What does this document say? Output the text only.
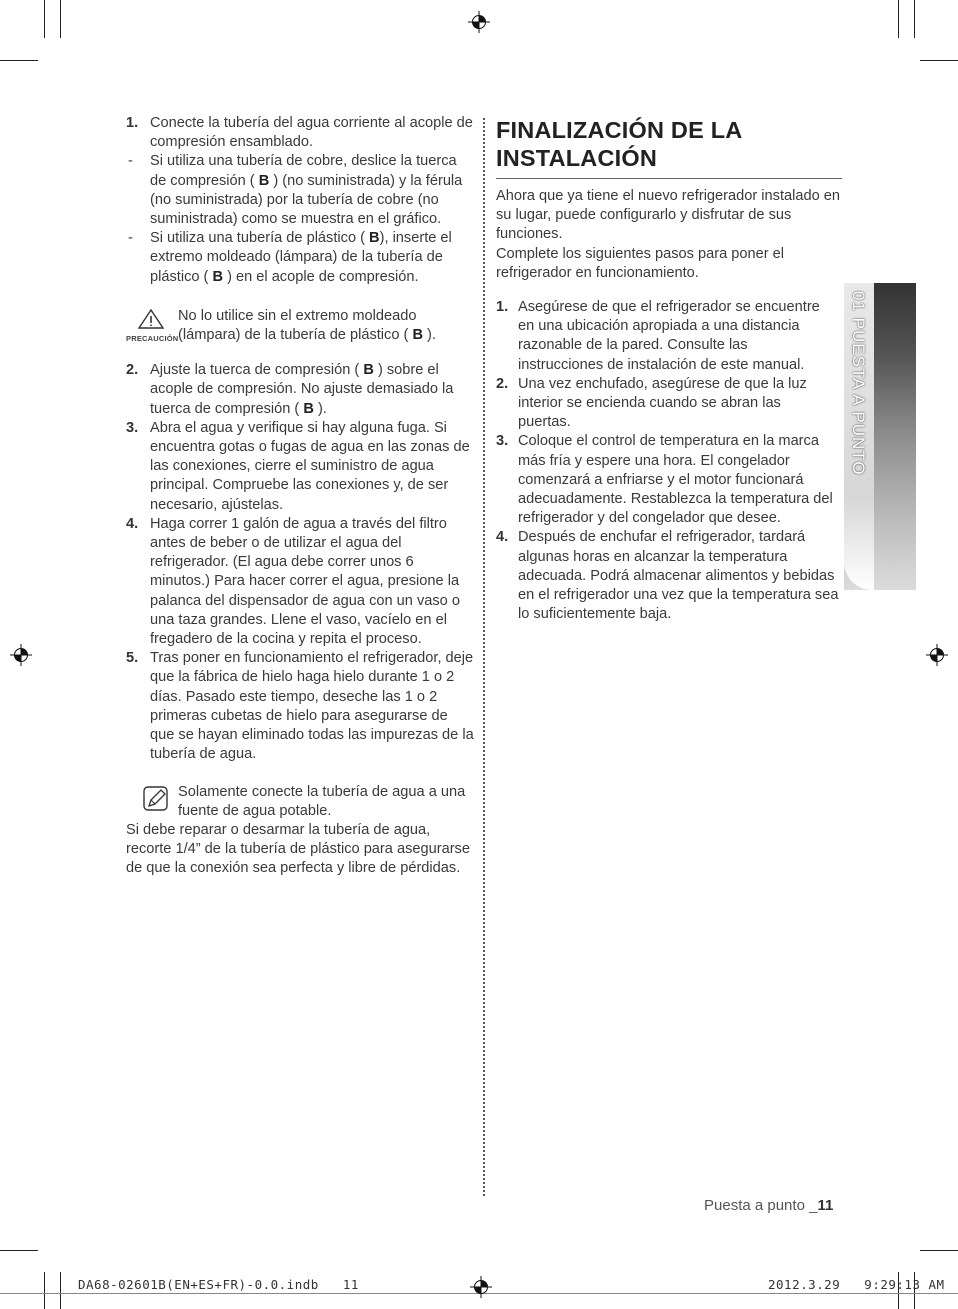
1. Conecte la tubería del agua corriente al acople de compresión ensamblado.
- Si utiliza una tubería de cobre, deslice la tuerca de compresión ( B ) (no suministrada) y la férula (no suministrada) por la tubería de cobre (no suministrada) como se muestra en el gráfico.
- Si utiliza una tubería de plástico ( B), inserte el extremo moldeado (lámpara) de la tubería de plástico ( B ) en el acople de compresión.
PRECAUCIÓN
No lo utilice sin el extremo moldeado (lámpara) de la tubería de plástico ( B ).
2. Ajuste la tuerca de compresión ( B ) sobre el acople de compresión. No ajuste demasiado la tuerca de compresión ( B ).
3. Abra el agua y verifique si hay alguna fuga. Si encuentra gotas o fugas de agua en las zonas de las conexiones, cierre el suministro de agua principal. Compruebe las conexiones y, de ser necesario, ajústelas.
4. Haga correr 1 galón de agua a través del filtro antes de beber o de utilizar el agua del refrigerador. (El agua debe correr unos 6 minutos.) Para hacer correr el agua, presione la palanca del dispensador de agua con un vaso o una taza grandes. Llene el vaso, vacíelo en el fregadero de la cocina y repita el proceso.
5. Tras poner en funcionamiento el refrigerador, deje que la fábrica de hielo haga hielo durante 1 o 2 días. Pasado este tiempo, deseche las 1 o 2 primeras cubetas de hielo para asegurarse de que se hayan eliminado todas las impurezas de la tubería de agua.
Solamente conecte la tubería de agua a una fuente de agua potable.
Si debe reparar o desarmar la tubería de agua, recorte 1/4” de la tubería de plástico para asegurarse de que la conexión sea perfecta y libre de pérdidas.
FINALIZACIÓN DE LA INSTALACIÓN
Ahora que ya tiene el nuevo refrigerador instalado en su lugar, puede configurarlo y disfrutar de sus funciones.
Complete los siguientes pasos para poner el refrigerador en funcionamiento.
1. Asegúrese de que el refrigerador se encuentre en una ubicación apropiada a una distancia razonable de la pared. Consulte las instrucciones de instalación de este manual.
2. Una vez enchufado, asegúrese de que la luz interior se encienda cuando se abran las puertas.
3. Coloque el control de temperatura en la marca más fría y espere una hora. El congelador comenzará a enfriarse y el motor funcionará adecuadamente. Restablezca la temperatura del refrigerador y del congelador que desee.
4. Después de enchufar el refrigerador, tardará algunas horas en alcanzar la temperatura adecuada. Podrá almacenar alimentos y bebidas en el refrigerador una vez que la temperatura sea lo suficientemente baja.
01 PUESTA A PUNTO
Puesta a punto _11
DA68-02601B(EN+ES+FR)-0.0.indb   11	2012.3.29   9:29:13 AM
